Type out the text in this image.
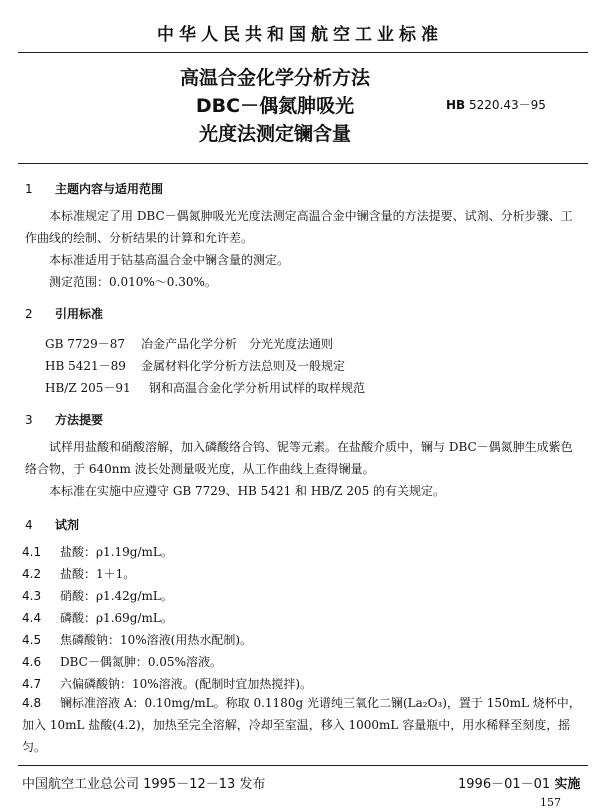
中华人民共和国航空工业标准
高温合金化学分析方法
DBC－偶氮胂吸光
光度法测定镧含量
HB 5220.43－95
1 主题内容与适用范围

本标准规定了用 DBC－偶氮胂吸光光度法测定高温合金中镧含量的方法提要、试剂、分析步骤、工作曲线的绘制、分析结果的计算和允许差。

本标准适用于钴基高温合金中镧含量的测定。

测定范围：0.010%～0.30%。

2 引用标准
GB 7729－87 冶金产品化学分析　分光光度法通则
HB 5421－89 金属材料化学分析方法总则及一般规定
HB/Z 205－91 钢和高温合金化学分析用试样的取样规范
3 方法提要

试样用盐酸和硝酸溶解，加入磷酸络合钨、铌等元素。在盐酸介质中，镧与 DBC－偶氮胂生成紫色络合物，于 640nm 波长处测量吸光度，从工作曲线上查得镧量。

本标准在实施中应遵守 GB 7729、HB 5421 和 HB/Z 205 的有关规定。

4 试剂
4.1 盐酸：ρ1.19g/mL。
4.2 盐酸：1＋1。
4.3 硝酸：ρ1.42g/mL。
4.4 磷酸：ρ1.69g/mL。
4.5 焦磷酸钠：10%溶液(用热水配制)。
4.6 DBC－偶氮胂：0.05%溶液。
4.7 六偏磷酸钠：10%溶液。(配制时宜加热搅拌)。
4.8 镧标准溶液 A：0.10mg/mL。称取 0.1180g 光谱纯三氧化二镧(La₂O₃)，置于 150mL 烧杯中，加入 10mL 盐酸(4.2)，加热至完全溶解，冷却至室温，移入 1000mL 容量瓶中，用水稀释至刻度，摇匀。
中国航空工业总公司 1995－12－13 发布	1996－01－01 实施
157
